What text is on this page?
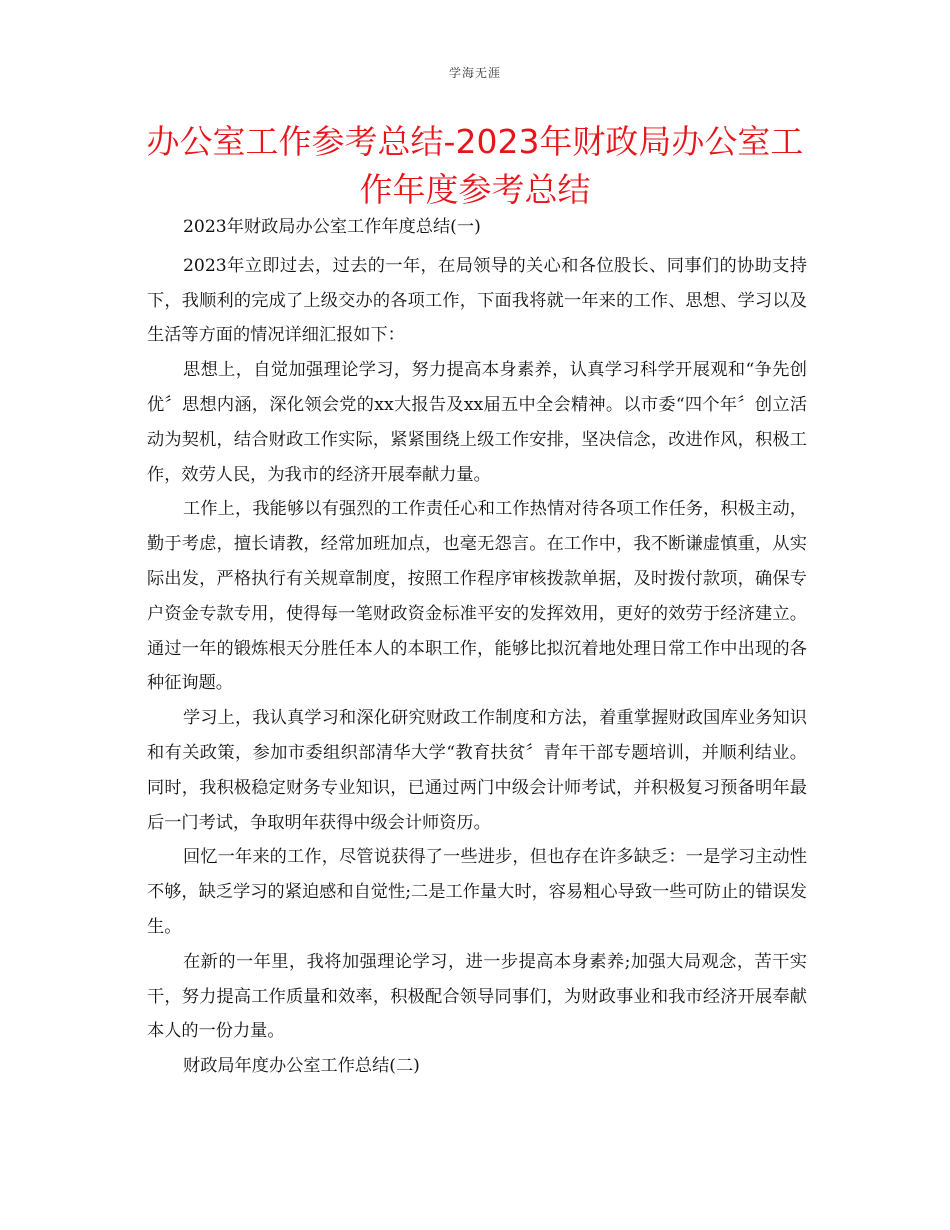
学海无涯
办公室工作参考总结-2023年财政局办公室工作年度参考总结

2023年财政局办公室工作年度总结(一)

2023年立即过去，过去的一年，在局领导的关心和各位股长、同事们的协助支持下，我顺利的完成了上级交办的各项工作，下面我将就一年来的工作、思想、学习以及生活等方面的情况详细汇报如下：

思想上，自觉加强理论学习，努力提高本身素养，认真学习科学开展观和“争先创优〞思想内涵，深化领会党的xx大报告及xx届五中全会精神。以市委“四个年〞创立活动为契机，结合财政工作实际，紧紧围绕上级工作安排，坚决信念，改进作风，积极工作，效劳人民，为我市的经济开展奉献力量。

工作上，我能够以有强烈的工作责任心和工作热情对待各项工作任务，积极主动，勤于考虑，擅长请教，经常加班加点，也毫无怨言。在工作中，我不断谦虚慎重，从实际出发，严格执行有关规章制度，按照工作程序审核拨款单据，及时拨付款项，确保专户资金专款专用，使得每一笔财政资金标准平安的发挥效用，更好的效劳于经济建立。通过一年的锻炼根天分胜任本人的本职工作，能够比拟沉着地处理日常工作中出现的各种征询题。

学习上，我认真学习和深化研究财政工作制度和方法，着重掌握财政国库业务知识和有关政策，参加市委组织部清华大学“教育扶贫〞青年干部专题培训，并顺利结业。同时，我积极稳定财务专业知识，已通过两门中级会计师考试，并积极复习预备明年最后一门考试，争取明年获得中级会计师资历。

回忆一年来的工作，尽管说获得了一些进步，但也存在许多缺乏：一是学习主动性不够，缺乏学习的紧迫感和自觉性;二是工作量大时，容易粗心导致一些可防止的错误发生。

在新的一年里，我将加强理论学习，进一步提高本身素养;加强大局观念，苦干实干，努力提高工作质量和效率，积极配合领导同事们，为财政事业和我市经济开展奉献本人的一份力量。

财政局年度办公室工作总结(二)
